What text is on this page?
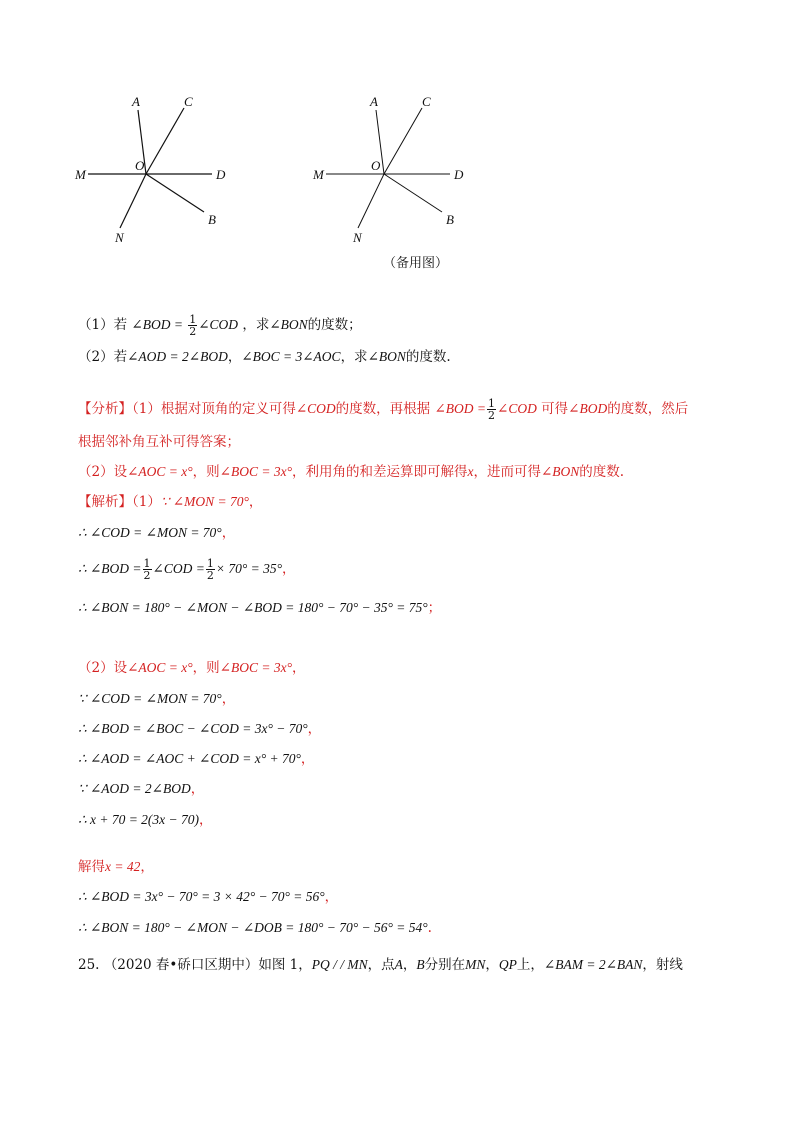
A	C
O
M	D
N
B
A	C
O
M	D
N
B
（备用图）
（1）若 ∠BOD = $\frac{1}{2}$ ∠COD ，求∠BON的度数；
（2）若∠AOD = 2∠BOD，∠BOC = 3∠AOC，求∠BON的度数.
【分析】（1）根据对顶角的定义可得∠COD的度数，再根据 ∠BOD = $\frac{1}{2}$ ∠COD 可得∠BOD的度数，然后
根据邻补角互补可得答案；
（2）设∠AOC = x°，则∠BOC = 3x°，利用角的和差运算即可解得x，进而可得∠BON的度数.
【解析】（1）∵ ∠MON = 70°，
∴ ∠COD = ∠MON = 70°，
∴ ∠BOD = $\frac{1}{2}$ ∠COD = $\frac{1}{2} \times 70^\circ = 35^\circ$，
∴ ∠BON = 180° − ∠MON − ∠BOD = 180° − 70° − 35° = 75°；
（2）设∠AOC = x°，则∠BOC = 3x°，
∵ ∠COD = ∠MON = 70°，
∴ ∠BOD = ∠BOC − ∠COD = 3x° − 70°，
∴ ∠AOD = ∠AOC + ∠COD = x° + 70°，
∵ ∠AOD = 2∠BOD，
∴ x + 70 = 2(3x − 70)，
解得x = 42，
∴ ∠BOD = 3x° − 70° = 3 × 42° − 70° = 56°，
∴ ∠BON = 180° − ∠MON − ∠DOB = 180° − 70° − 56° = 54°.
25. （2020 春•硚口区期中）如图 1，PQ / / MN，点A，B分别在MN，QP上，∠BAM = 2∠BAN，射线
